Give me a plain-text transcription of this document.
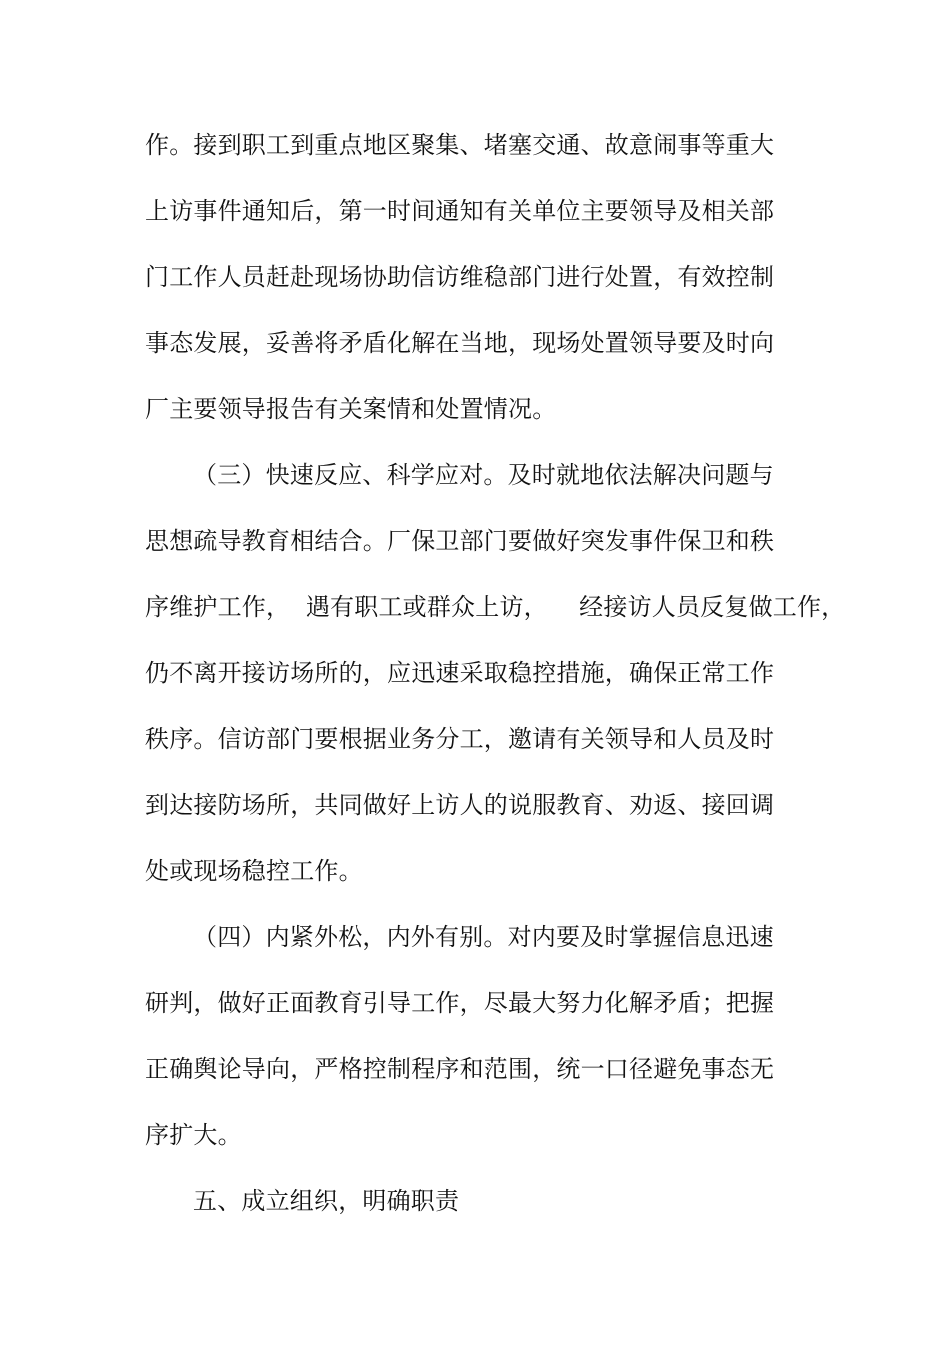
作。接到职工到重点地区聚集、堵塞交通、故意闹事等重大
上访事件通知后，第一时间通知有关单位主要领导及相关部
门工作人员赶赴现场协助信访维稳部门进行处置，有效控制
事态发展，妥善将矛盾化解在当地，现场处置领导要及时向
厂主要领导报告有关案情和处置情况。
（三）快速反应、科学应对。及时就地依法解决问题与
思想疏导教育相结合。厂保卫部门要做好突发事件保卫和秩
序维护工作，  遇有职工或群众上访，    经接访人员反复做工作，
仍不离开接访场所的，应迅速采取稳控措施，确保正常工作
秩序。信访部门要根据业务分工，邀请有关领导和人员及时
到达接防场所，共同做好上访人的说服教育、劝返、接回调
处或现场稳控工作。
（四）内紧外松，内外有别。对内要及时掌握信息迅速
研判，做好正面教育引导工作，尽最大努力化解矛盾；把握
正确舆论导向，严格控制程序和范围，统一口径避免事态无
序扩大。
五、成立组织，明确职责
